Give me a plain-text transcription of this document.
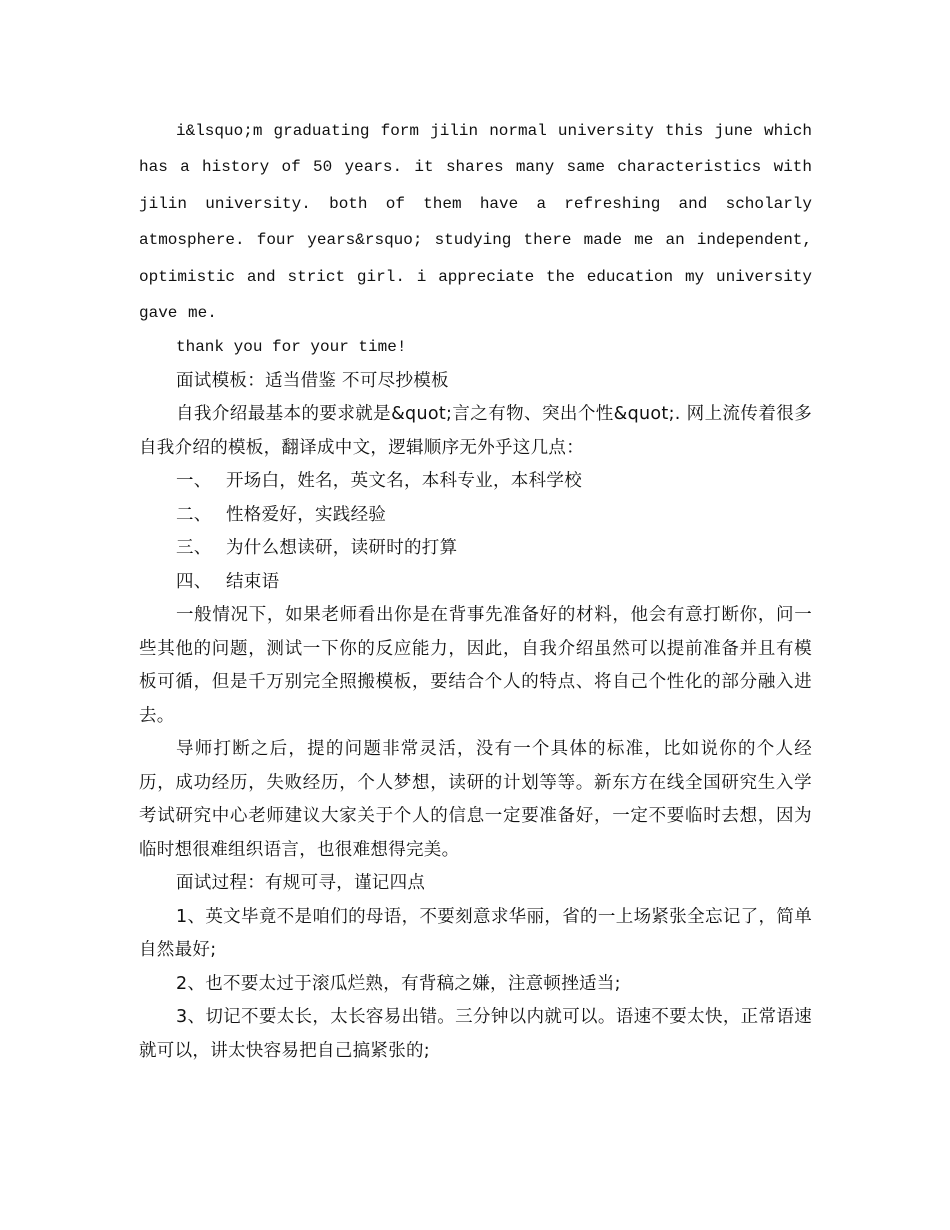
i&lsquo;m graduating form jilin normal university this june which has a history of 50 years. it shares many same characteristics with jilin university. both of them have a refreshing and scholarly atmosphere. four years&rsquo; studying there made me an independent, optimistic and strict girl. i appreciate the education my university gave me.

thank you for your time!

面试模板：适当借鉴 不可尽抄模板

自我介绍最基本的要求就是&quot;言之有物、突出个性&quot;. 网上流传着很多自我介绍的模板，翻译成中文，逻辑顺序无外乎这几点：

一、 开场白，姓名，英文名，本科专业，本科学校

二、 性格爱好，实践经验

三、 为什么想读研，读研时的打算

四、 结束语

一般情况下，如果老师看出你是在背事先准备好的材料，他会有意打断你，问一些其他的问题，测试一下你的反应能力，因此，自我介绍虽然可以提前准备并且有模板可循，但是千万别完全照搬模板，要结合个人的特点、将自己个性化的部分融入进去。

导师打断之后，提的问题非常灵活，没有一个具体的标准，比如说你的个人经历，成功经历，失败经历，个人梦想，读研的计划等等。新东方在线全国研究生入学考试研究中心老师建议大家关于个人的信息一定要准备好，一定不要临时去想，因为临时想很难组织语言，也很难想得完美。

面试过程：有规可寻，谨记四点

1、英文毕竟不是咱们的母语，不要刻意求华丽，省的一上场紧张全忘记了，简单自然最好;

2、也不要太过于滚瓜烂熟，有背稿之嫌，注意顿挫适当;

3、切记不要太长，太长容易出错。三分钟以内就可以。语速不要太快，正常语速就可以，讲太快容易把自己搞紧张的;
